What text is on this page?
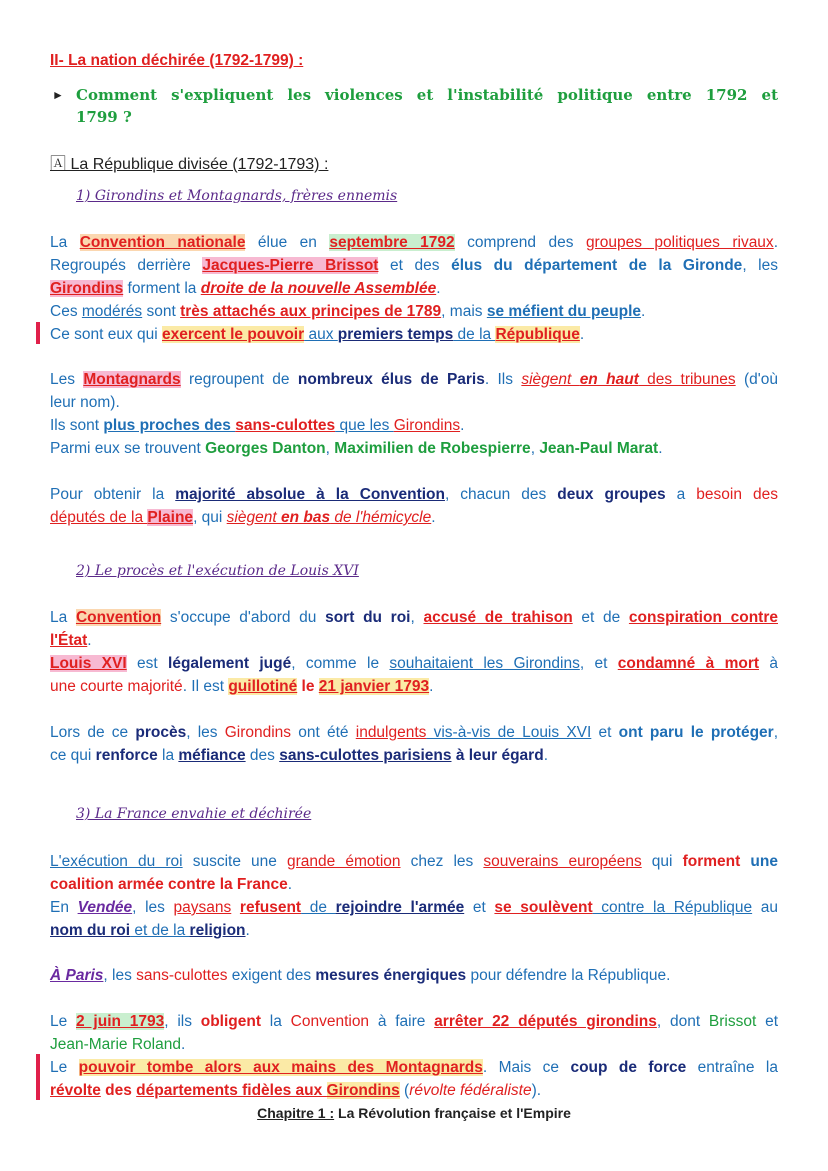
II- La nation déchirée (1792-1799) :
► Comment s'expliquent les violences et l'instabilité politique entre 1792 et
1799 ?
🄰 La République divisée (1792-1793) :
1) Girondins et Montagnards, frères ennemis
La Convention nationale élue en septembre 1792 comprend des groupes politiques rivaux.
Regroupés derrière Jacques-Pierre Brissot et des élus du département de la Gironde, les
Girondins forment la droite de la nouvelle Assemblée.
Ces modérés sont très attachés aux principes de 1789, mais se méfient du peuple.
Ce sont eux qui exercent le pouvoir aux premiers temps de la République.
Les Montagnards regroupent de nombreux élus de Paris. Ils siègent en haut des tribunes (d'où
leur nom).
Ils sont plus proches des sans-culottes que les Girondins.
Parmi eux se trouvent Georges Danton, Maximilien de Robespierre, Jean-Paul Marat.
Pour obtenir la majorité absolue à la Convention, chacun des deux groupes a besoin des
députés de la Plaine, qui siègent en bas de l'hémicycle.
2) Le procès et l'exécution de Louis XVI
La Convention s'occupe d'abord du sort du roi, accusé de trahison et de conspiration contre
l'État.
Louis XVI est légalement jugé, comme le souhaitaient les Girondins, et condamné à mort à
une courte majorité. Il est guillotiné le 21 janvier 1793.
Lors de ce procès, les Girondins ont été indulgents vis-à-vis de Louis XVI et ont paru le protéger,
ce qui renforce la méfiance des sans-culottes parisiens à leur égard.
3) La France envahie et déchirée
L'exécution du roi suscite une grande émotion chez les souverains européens qui forment une
coalition armée contre la France.
En Vendée, les paysans refusent de rejoindre l'armée et se soulèvent contre la République au
nom du roi et de la religion.
À Paris, les sans-culottes exigent des mesures énergiques pour défendre la République.
Le 2 juin 1793, ils obligent la Convention à faire arrêter 22 députés girondins, dont Brissot et
Jean-Marie Roland.
Le pouvoir tombe alors aux mains des Montagnards. Mais ce coup de force entraîne la
révolte des départements fidèles aux Girondins (révolte fédéraliste).
Chapitre 1 : La Révolution française et l'Empire
